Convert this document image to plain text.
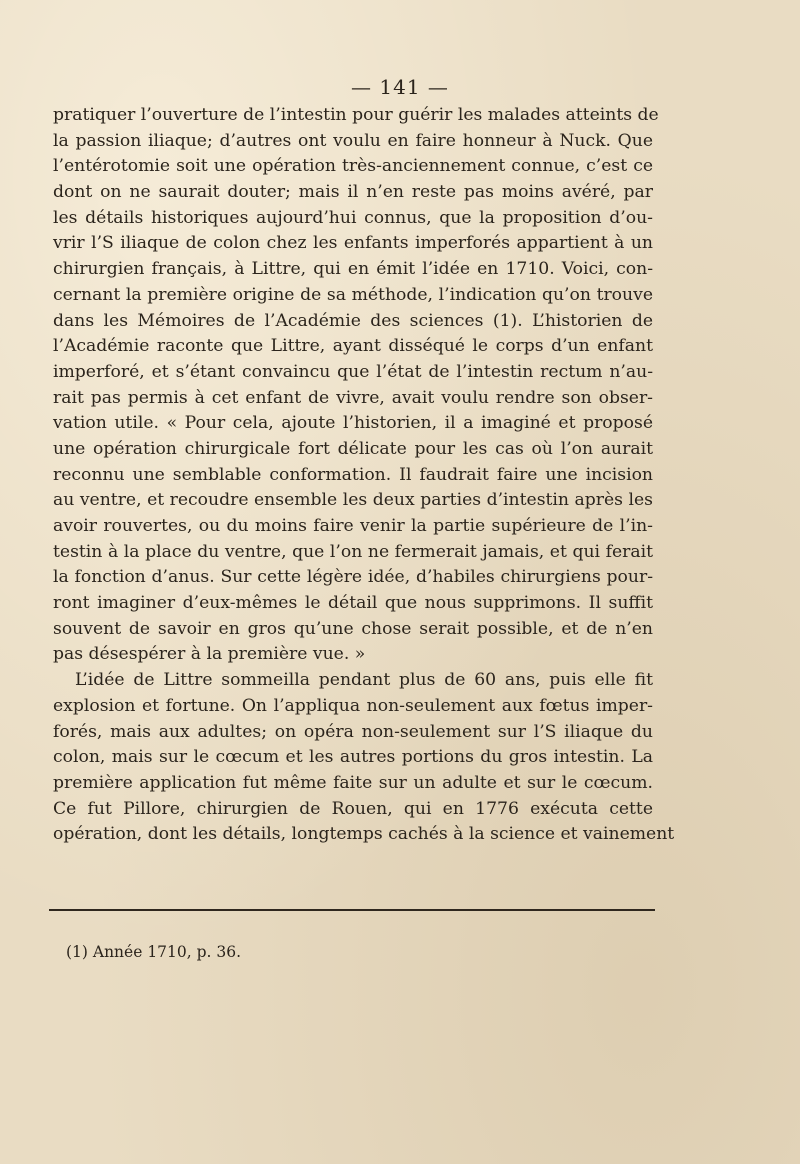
— 141 —
pratiquer l’ouverture de l’intestin pour guérir les malades atteints de
la passion iliaque; d’autres ont voulu en faire honneur à Nuck. Que
l’entérotomie soit une opération très-anciennement connue, c’est ce
dont on ne saurait douter; mais il n’en reste pas moins avéré, par
les détails historiques aujourd’hui connus, que la proposition d’ou-
vrir l’S iliaque de colon chez les enfants imperforés appartient à un
chirurgien français, à Littre, qui en émit l’idée en 1710. Voici, con-
cernant la première origine de sa méthode, l’indication qu’on trouve
dans les Mémoires de l’Académie des sciences (1). L’historien de
l’Académie raconte que Littre, ayant disséqué le corps d’un enfant
imperforé, et s’étant convaincu que l’état de l’intestin rectum n’au-
rait pas permis à cet enfant de vivre, avait voulu rendre son obser-
vation utile. « Pour cela, ajoute l’historien, il a imaginé et proposé
une opération chirurgicale fort délicate pour les cas où l’on aurait
reconnu une semblable conformation. Il faudrait faire une incision
au ventre, et recoudre ensemble les deux parties d’intestin après les
avoir rouvertes, ou du moins faire venir la partie supérieure de l’in-
testin à la place du ventre, que l’on ne fermerait jamais, et qui ferait
la fonction d’anus. Sur cette légère idée, d’habiles chirurgiens pour-
ront imaginer d’eux-mêmes le détail que nous supprimons. Il suffit
souvent de savoir en gros qu’une chose serait possible, et de n’en
pas désespérer à la première vue. »
L’idée de Littre sommeilla pendant plus de 60 ans, puis elle fit
explosion et fortune. On l’appliqua non-seulement aux fœtus imper-
forés, mais aux adultes; on opéra non-seulement sur l’S iliaque du
colon, mais sur le cœcum et les autres portions du gros intestin. La
première application fut même faite sur un adulte et sur le cœcum.
Ce fut Pillore, chirurgien de Rouen, qui en 1776 exécuta cette
opération, dont les détails, longtemps cachés à la science et vainement
(1) Année 1710, p. 36.
